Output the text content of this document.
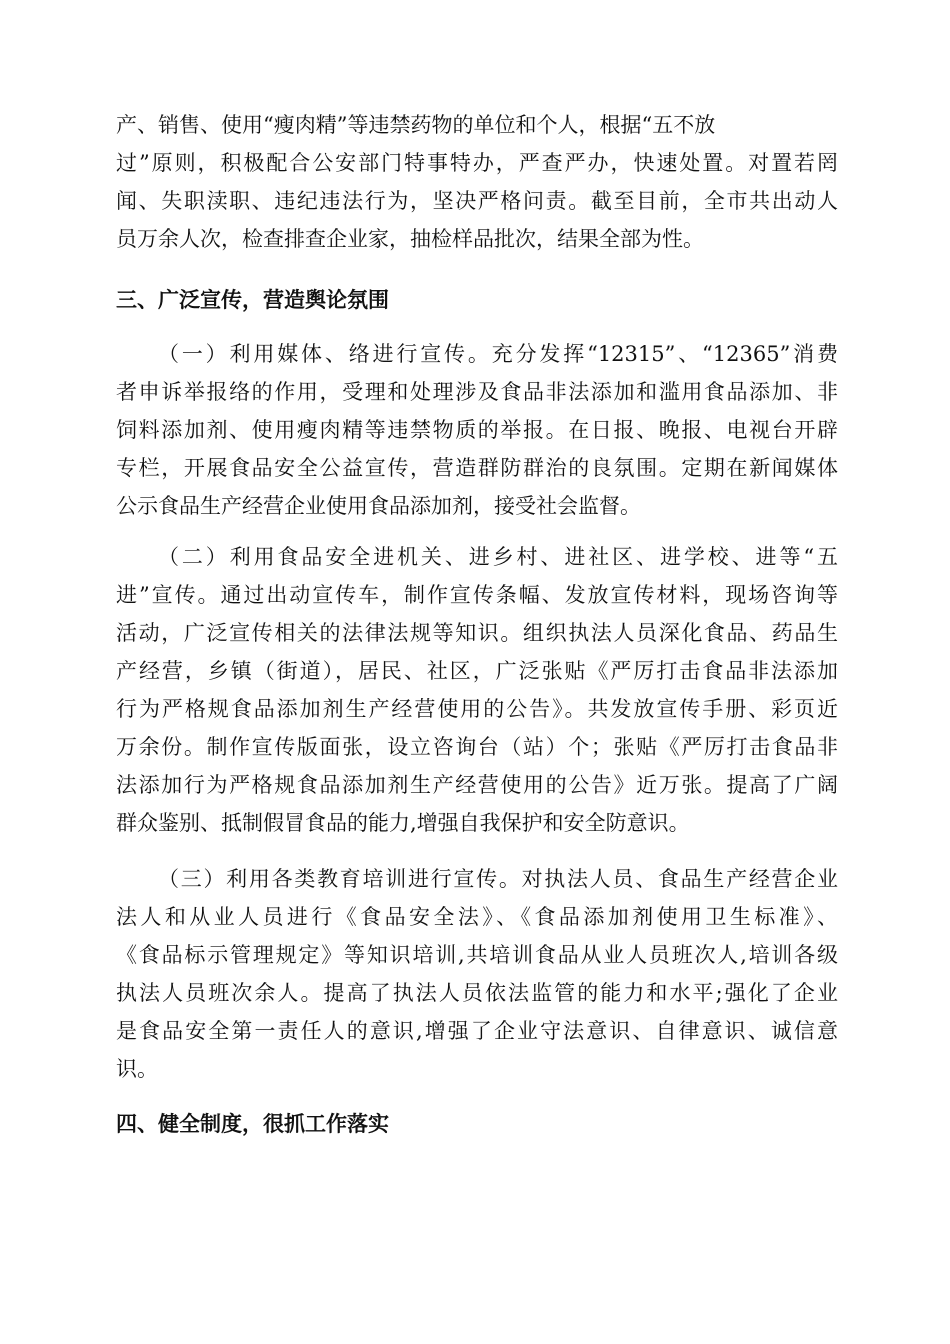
产、销售、使用“瘦肉精”等违禁药物的单位和个人，根据“五不放
过”原则，积极配合公安部门特事特办，严查严办，快速处置。对置若罔
闻、失职渎职、违纪违法行为，坚决严格问责。截至目前，全市共出动人
员万余人次，检查排查企业家，抽检样品批次，结果全部为性。
三、广泛宣传，营造舆论氛围
（一）利用媒体、络进行宣传。充分发挥“12315”、“12365”消费
者申诉举报络的作用，受理和处理涉及食品非法添加和滥用食品添加、非
饲料添加剂、使用瘦肉精等违禁物质的举报。在日报、晚报、电视台开辟
专栏，开展食品安全公益宣传，营造群防群治的良氛围。定期在新闻媒体
公示食品生产经营企业使用食品添加剂，接受社会监督。
（二）利用食品安全进机关、进乡村、进社区、进学校、进等“五
进”宣传。通过出动宣传车，制作宣传条幅、发放宣传材料，现场咨询等
活动，广泛宣传相关的法律法规等知识。组织执法人员深化食品、药品生
产经营，乡镇（街道），居民、社区，广泛张贴《严厉打击食品非法添加
行为严格规食品添加剂生产经营使用的公告》。共发放宣传手册、彩页近
万余份。制作宣传版面张，设立咨询台（站）个；张贴《严厉打击食品非
法添加行为严格规食品添加剂生产经营使用的公告》近万张。提高了广阔
群众鉴别、抵制假冒食品的能力,增强自我保护和安全防意识。
（三）利用各类教育培训进行宣传。对执法人员、食品生产经营企业
法人和从业人员进行《食品安全法》、《食品添加剂使用卫生标准》、
《食品标示管理规定》等知识培训,共培训食品从业人员班次人,培训各级
执法人员班次余人。提高了执法人员依法监管的能力和水平;强化了企业
是食品安全第一责任人的意识,增强了企业守法意识、自律意识、诚信意
识。
四、健全制度，很抓工作落实
